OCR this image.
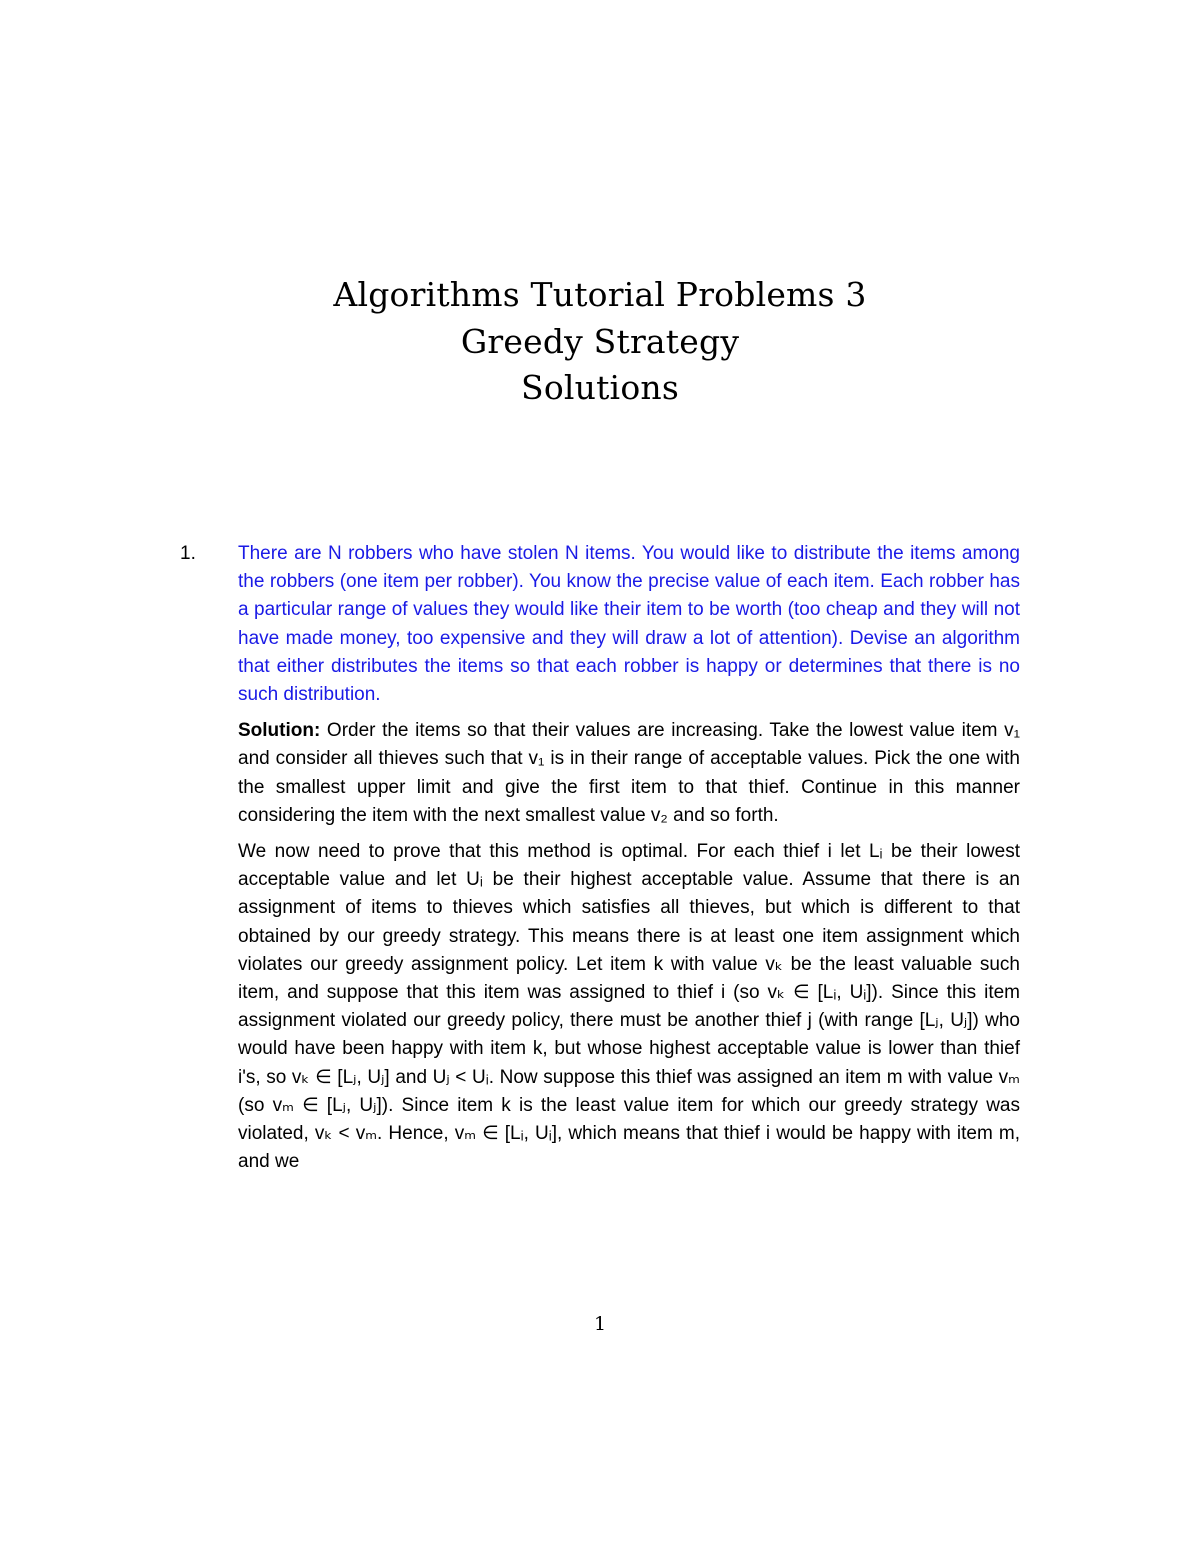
Algorithms Tutorial Problems 3
Greedy Strategy
Solutions
1. There are N robbers who have stolen N items. You would like to distribute the items among the robbers (one item per robber). You know the precise value of each item. Each robber has a particular range of values they would like their item to be worth (too cheap and they will not have made money, too expensive and they will draw a lot of attention). Devise an algorithm that either distributes the items so that each robber is happy or determines that there is no such distribution.

Solution: Order the items so that their values are increasing. Take the lowest value item v₁ and consider all thieves such that v₁ is in their range of acceptable values. Pick the one with the smallest upper limit and give the first item to that thief. Continue in this manner considering the item with the next smallest value v₂ and so forth.

We now need to prove that this method is optimal. For each thief i let Lᵢ be their lowest acceptable value and let Uᵢ be their highest acceptable value. Assume that there is an assignment of items to thieves which satisfies all thieves, but which is different to that obtained by our greedy strategy. This means there is at least one item assignment which violates our greedy assignment policy. Let item k with value vₖ be the least valuable such item, and suppose that this item was assigned to thief i (so vₖ ∈ [Lᵢ, Uᵢ]). Since this item assignment violated our greedy policy, there must be another thief j (with range [Lⱼ, Uⱼ]) who would have been happy with item k, but whose highest acceptable value is lower than thief i's, so vₖ ∈ [Lⱼ, Uⱼ] and Uⱼ < Uᵢ. Now suppose this thief was assigned an item m with value vₘ (so vₘ ∈ [Lⱼ, Uⱼ]). Since item k is the least value item for which our greedy strategy was violated, vₖ < vₘ. Hence, vₘ ∈ [Lᵢ, Uᵢ], which means that thief i would be happy with item m, and we

1
